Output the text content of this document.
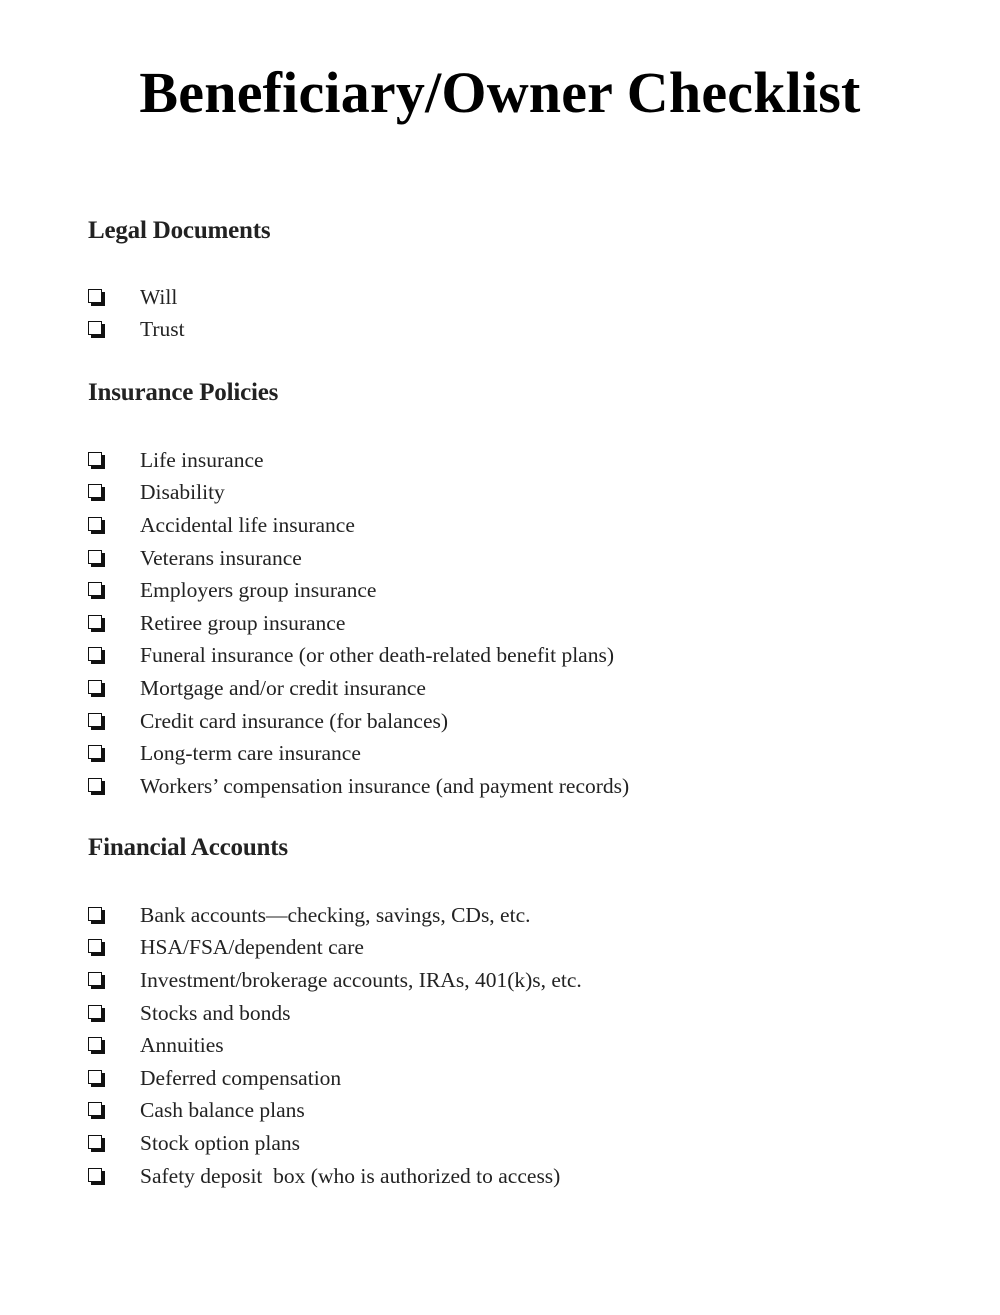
Beneficiary/Owner Checklist
Legal Documents
Will
Trust
Insurance Policies
Life insurance
Disability
Accidental life insurance
Veterans insurance
Employers group insurance
Retiree group insurance
Funeral insurance (or other death-related benefit plans)
Mortgage and/or credit insurance
Credit card insurance (for balances)
Long-term care insurance
Workers’ compensation insurance (and payment records)
Financial Accounts
Bank accounts—checking, savings, CDs, etc.
HSA/FSA/dependent care
Investment/brokerage accounts, IRAs, 401(k)s, etc.
Stocks and bonds
Annuities
Deferred compensation
Cash balance plans
Stock option plans
Safety deposit  box (who is authorized to access)
